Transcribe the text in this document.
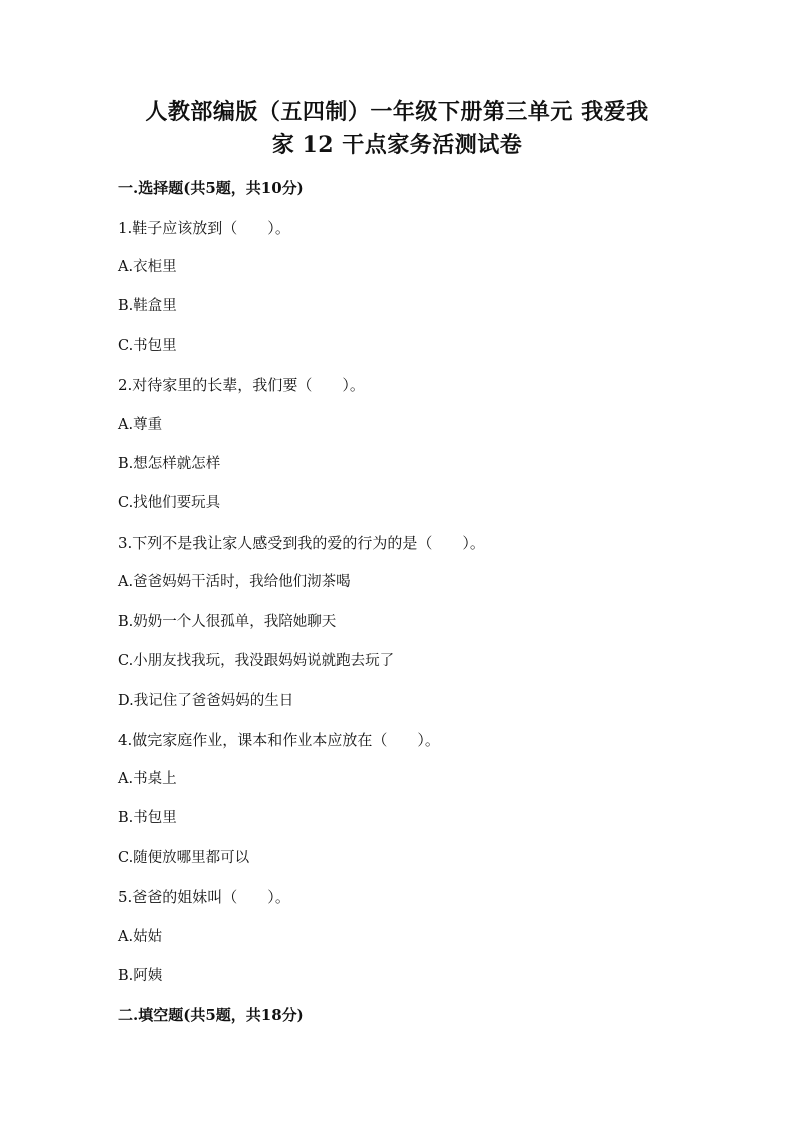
人教部编版（五四制）一年级下册第三单元 我爱我
家 12 干点家务活测试卷
一.选择题(共5题，共10分)
1.鞋子应该放到（　　）。
A.衣柜里
B.鞋盒里
C.书包里
2.对待家里的长辈，我们要（　　）。
A.尊重
B.想怎样就怎样
C.找他们要玩具
3.下列不是我让家人感受到我的爱的行为的是（　　）。
A.爸爸妈妈干活时，我给他们沏茶喝
B.奶奶一个人很孤单，我陪她聊天
C.小朋友找我玩，我没跟妈妈说就跑去玩了
D.我记住了爸爸妈妈的生日
4.做完家庭作业，课本和作业本应放在（　　）。
A.书桌上
B.书包里
C.随便放哪里都可以
5.爸爸的姐妹叫（　　）。
A.姑姑
B.阿姨
二.填空题(共5题，共18分)
